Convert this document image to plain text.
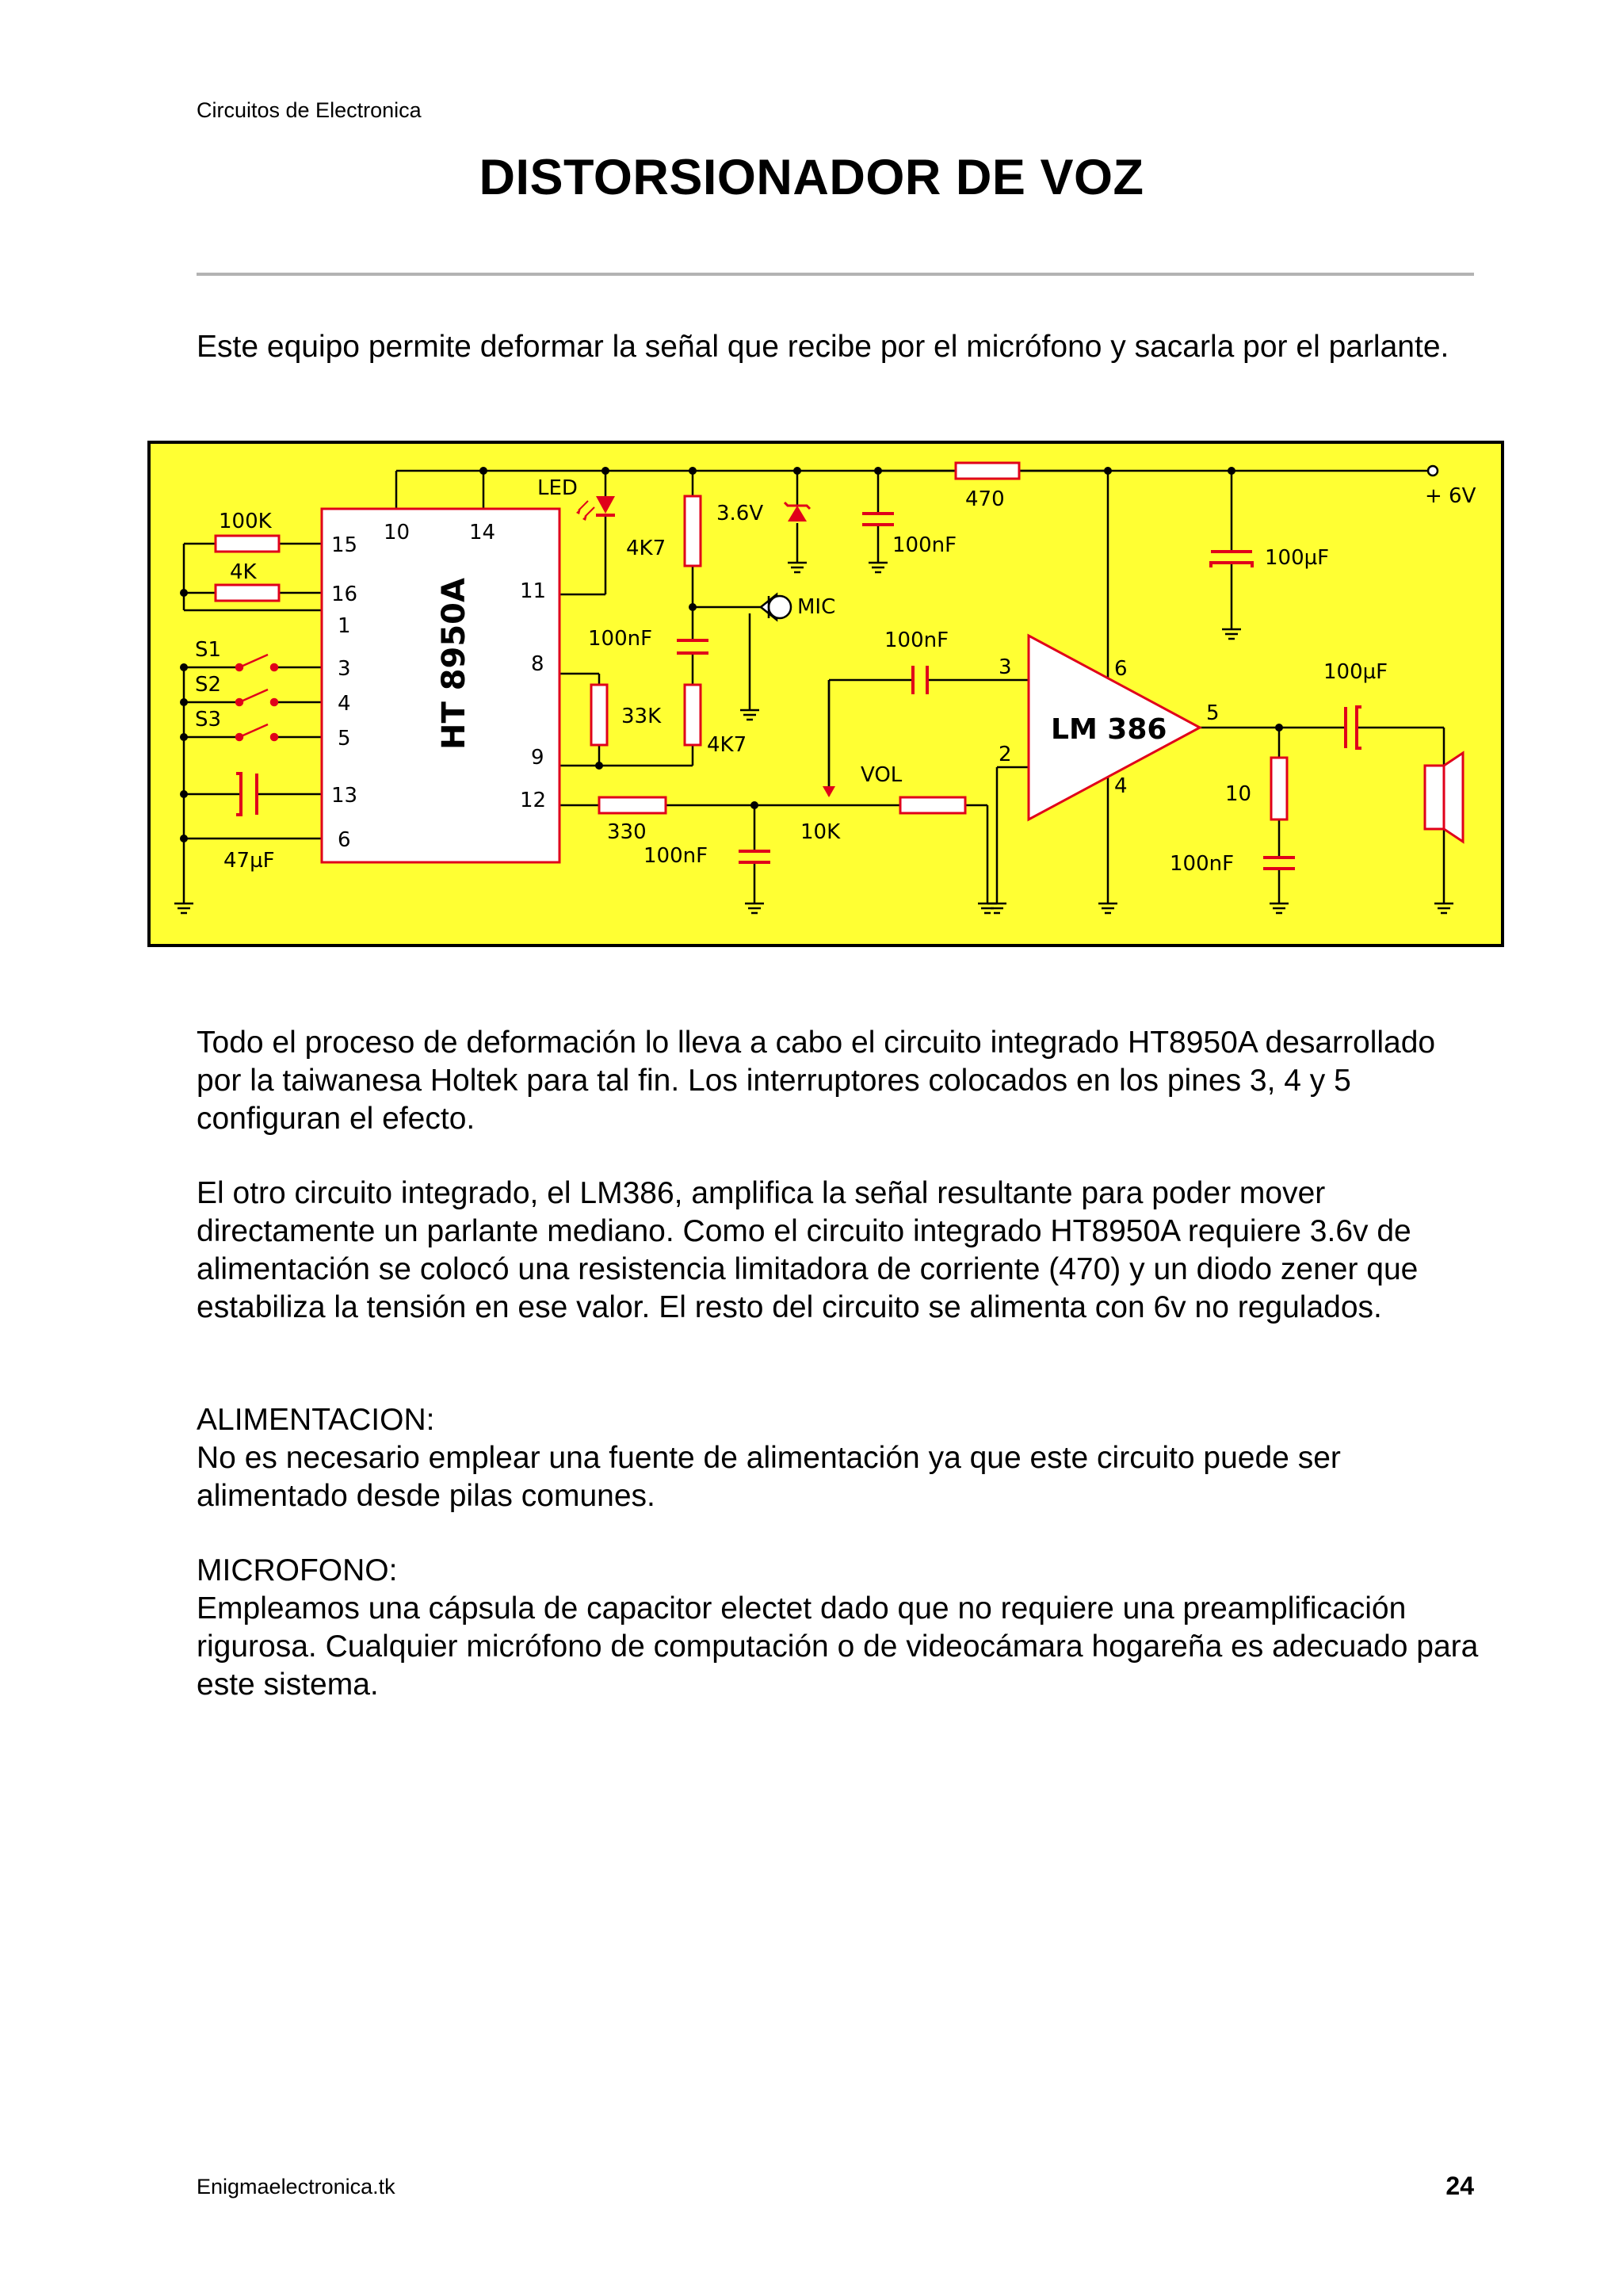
Circuitos de Electronica
DISTORSIONADOR DE VOZ

Este equipo permite deformar la señal que recibe por el micrófono y sacarla por el parlante.

100K
4K
S1
S2
S3
47µF
15
16
1
3
4
5
13
6
10	14
11
8
9
12
HT 8950A
LED
4K7
3.6V
100nF
470	+ 6V
100µF
MIC
100nF	100nF
33K
4K7
330
100nF
VOL
10K
LM 386
3
2
6
4
5
100µF
10
100nF

Todo el proceso de deformación lo lleva a cabo el circuito integrado HT8950A desarrollado por la taiwanesa Holtek para tal fin. Los interruptores colocados en los pines 3, 4 y 5 configuran el efecto.

El otro circuito integrado, el LM386, amplifica la señal resultante para poder mover directamente un parlante mediano. Como el circuito integrado HT8950A requiere 3.6v de alimentación se colocó una resistencia limitadora de corriente (470) y un diodo zener que estabiliza la tensión en ese valor. El resto del circuito se alimenta con 6v no regulados.

ALIMENTACION:
No es necesario emplear una fuente de alimentación ya que este circuito puede ser alimentado desde pilas comunes.

MICROFONO:
Empleamos una cápsula de capacitor electet dado que no requiere una preamplificación rigurosa. Cualquier micrófono de computación o de videocámara hogareña es adecuado para este sistema.

Enigmaelectronica.tk	24
